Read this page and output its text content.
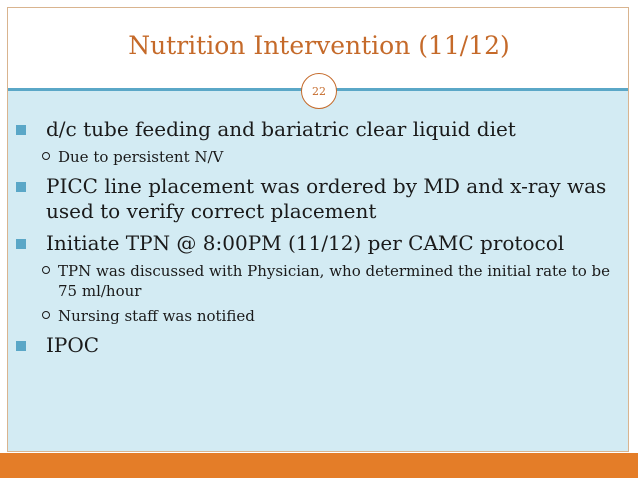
Nutrition Intervention (11/12)
22
d/c tube feeding and bariatric clear liquid diet
Due to persistent N/V
PICC line placement was ordered by MD and x-ray was used to verify correct placement
Initiate TPN @ 8:00PM (11/12) per CAMC protocol
TPN was discussed with Physician, who determined the initial rate to be 75 ml/hour
Nursing staff was notified
IPOC
